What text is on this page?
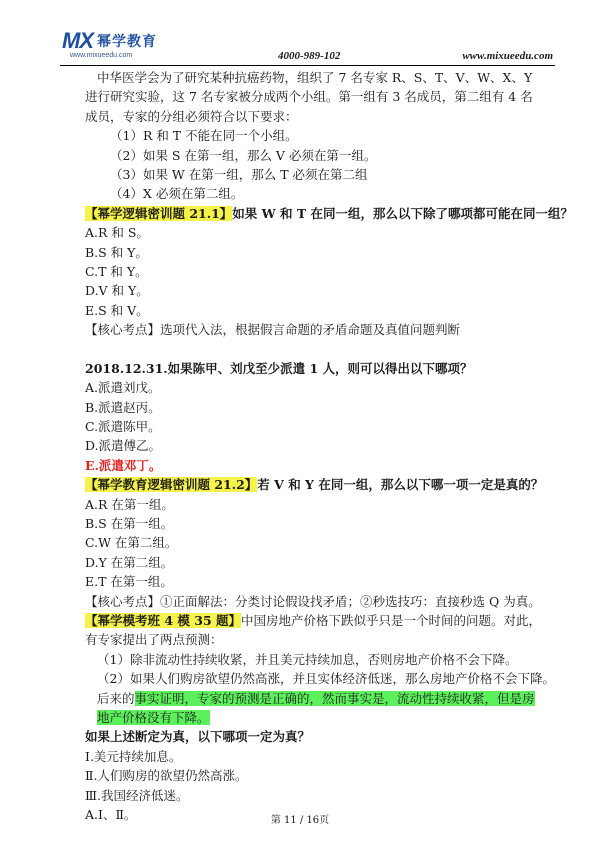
MX 幂学教育
www.mixueedu.com	4000-989-102	www.mixueedu.com
中华医学会为了研究某种抗癌药物，组织了 7 名专家 R、S、T、V、W、X、Y 进行研究实验，这 7 名专家被分成两个小组。第一组有 3 名成员，第二组有 4 名成员，专家的分组必须符合以下要求：
（1）R 和 T 不能在同一个小组。
（2）如果 S 在第一组，那么 V 必须在第一组。
（3）如果 W 在第一组，那么 T 必须在第二组
（4）X 必须在第二组。
【幂学逻辑密训题 21.1】如果 W 和 T 在同一组，那么以下除了哪项都可能在同一组？
A.R 和 S。
B.S 和 Y。
C.T 和 Y。
D.V 和 Y。
E.S 和 V。
【核心考点】选项代入法，根据假言命题的矛盾命题及真值问题判断
2018.12.31.如果陈甲、刘戊至少派遣 1 人，则可以得出以下哪项？
A.派遣刘戊。
B.派遣赵丙。
C.派遣陈甲。
D.派遣傅乙。
E.派遣邓丁。
【幂学教育逻辑密训题 21.2】若 V 和 Y 在同一组，那么以下哪一项一定是真的？
A.R 在第一组。
B.S 在第一组。
C.W 在第二组。
D.Y 在第二组。
E.T 在第一组。
【核心考点】①正面解法：分类讨论假设找矛盾；②秒选技巧：直接秒选 Q 为真。
【幂学模考班 4 模 35 题】中国房地产价格下跌似乎只是一个时间的问题。对此，有专家提出了两点预测：
（1）除非流动性持续收紧，并且美元持续加息，否则房地产价格不会下降。
（2）如果人们购房欲望仍然高涨，并且实体经济低迷，那么房地产价格不会下降。
后来的事实证明，专家的预测是正确的，然而事实是，流动性持续收紧，但是房地产价格没有下降。
如果上述断定为真，以下哪项一定为真？
Ⅰ.美元持续加息。
Ⅱ.人们购房的欲望仍然高涨。
Ⅲ.我国经济低迷。
A.Ⅰ、Ⅱ。	第 11 / 16页
